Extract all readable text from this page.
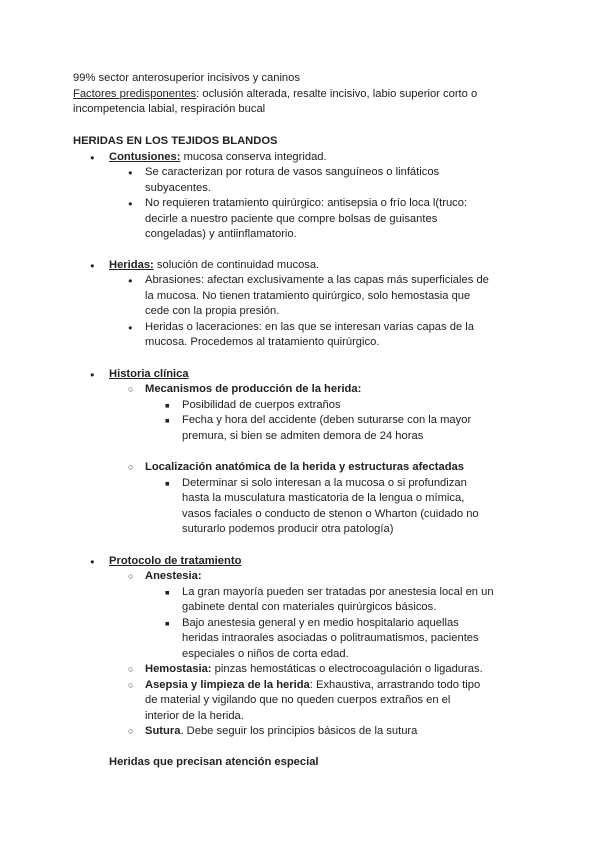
99% sector anterosuperior incisivos y caninos
Factores predisponentes: oclusión alterada, resalte incisivo, labio superior corto o
incompetencia labial, respiración bucal
HERIDAS EN LOS TEJIDOS BLANDOS
●
Contusiones: mucosa conserva integridad.
●
Se caracterizan por rotura de vasos sanguíneos o linfáticos
subyacentes.
●
No requieren tratamiento quirúrgico: antisepsia o frío loca l(truco:
decirle a nuestro paciente que compre bolsas de guisantes
congeladas) y antiinflamatorio.
●
Heridas: solución de continuidad mucosa.
●
Abrasiones: afectan exclusivamente a las capas más superficiales de
la mucosa. No tienen tratamiento quirúrgico, solo hemostasia que
cede con la propia presión.
●
Heridas o laceraciones: en las que se interesan varias capas de la
mucosa. Procedemos al tratamiento quirúrgico.
●
Historia clínica
○
Mecanismos de producción de la herida:
■
Posibilidad de cuerpos extraños
■
Fecha y hora del accidente (deben suturarse con la mayor
premura, si bien se admiten demora de 24 horas
○
Localización anatómica de la herida y estructuras afectadas
■
Determinar si solo interesan a la mucosa o si profundizan
hasta la musculatura masticatoria de la lengua o mímica,
vasos faciales o conducto de stenon o Wharton (cuidado no
suturarlo podemos producir otra patología)
●
Protocolo de tratamiento
○
Anestesia:
■
La gran mayoría pueden ser tratadas por anestesia local en un
gabinete dental con materiales quirúrgicos básicos.
■
Bajo anestesia general y en medio hospitalario aquellas
heridas intraorales asociadas o politraumatismos, pacientes
especiales o niños de corta edad.
○
Hemostasia: pinzas hemostáticas o electrocoagulación o ligaduras.
○
Asepsia y limpieza de la herida: Exhaustiva, arrastrando todo tipo
de material y vigilando que no queden cuerpos extraños en el
interior de la herida.
○
Sutura. Debe seguir los principios básicos de la sutura
Heridas que precisan atención especial
